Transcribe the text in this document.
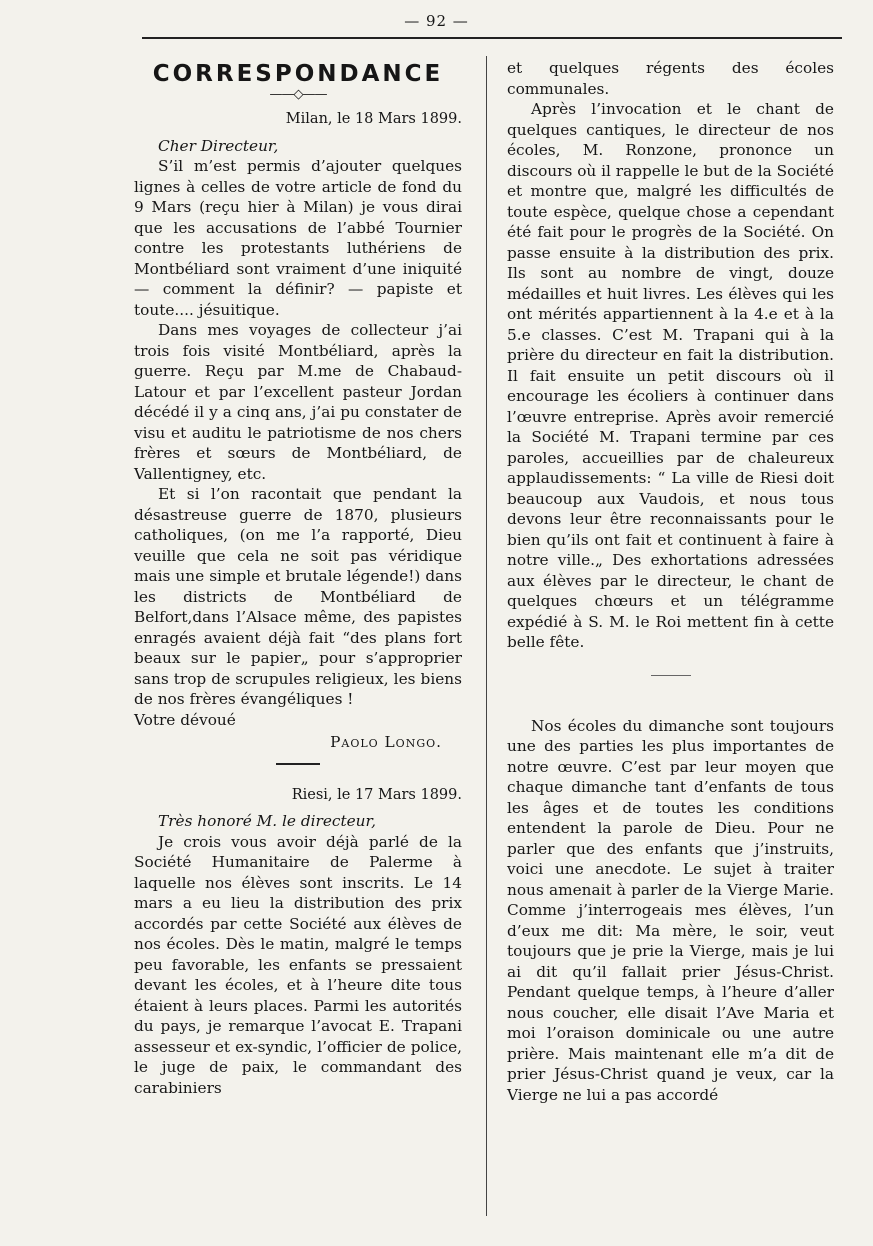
— 92 —
CORRESPONDANCE
——◇——
Milan, le 18 Mars 1899.

Cher Directeur,

S’il m’est permis d’ajouter quelques lignes à celles de votre article de fond du 9 Mars (reçu hier à Milan) je vous dirai que les accusations de l’abbé Tournier contre les protestants luthériens de Montbéliard sont vraiment d’une iniquité — comment la définir? — papiste et toute.... jésuitique.

Dans mes voyages de collecteur j’ai trois fois visité Montbéliard, après la guerre. Reçu par M.me de Chabaud-Latour et par l’excellent pasteur Jordan décédé il y a cinq ans, j’ai pu constater de visu et auditu le patriotisme de nos chers frères et sœurs de Montbéliard, de Vallentigney, etc.

Et si l’on racontait que pendant la désastreuse guerre de 1870, plusieurs catholiques, (on me l’a rapporté, Dieu veuille que cela ne soit pas véridique mais une simple et brutale légende!) dans les districts de Montbéliard de Belfort,dans l’Alsace même, des papistes enragés avaient déjà fait “des plans fort beaux sur le papier„ pour s’approprier sans trop de scrupules religieux, les biens de nos frères évangéliques !

Votre dévoué

Paolo Longo.
Riesi, le 17 Mars 1899.

Très honoré M. le directeur,

Je crois vous avoir déjà parlé de la Société Humanitaire de Palerme à laquelle nos élèves sont inscrits. Le 14 mars a eu lieu la distribution des prix accordés par cette Société aux élèves de nos écoles. Dès le matin, malgré le temps peu favorable, les enfants se pressaient devant les écoles, et à l’heure dite tous étaient à leurs places. Parmi les autorités du pays, je remarque l’avocat E. Trapani assesseur et ex-syndic, l’officier de police, le juge de paix, le commandant des carabiniers

et quelques régents des écoles communales.

Après l’invocation et le chant de quelques cantiques, le directeur de nos écoles, M. Ronzone, prononce un discours où il rappelle le but de la Société et montre que, malgré les difficultés de toute espèce, quelque chose a cependant été fait pour le progrès de la Société. On passe ensuite à la distribution des prix. Ils sont au nombre de vingt, douze médailles et huit livres. Les élèves qui les ont mérités appartiennent à la 4.e et à la 5.e classes. C’est M. Trapani qui à la prière du directeur en fait la distribution. Il fait ensuite un petit discours où il encourage les écoliers à continuer dans l’œuvre entreprise. Après avoir remercié la Société M. Trapani termine par ces paroles, accueillies par de chaleureux applaudissements: “ La ville de Riesi doit beaucoup aux Vaudois, et nous tous devons leur être reconnaissants pour le bien qu’ils ont fait et continuent à faire à notre ville.„ Des exhortations adressées aux élèves par le directeur, le chant de quelques chœurs et un télégramme expédié à S. M. le Roi mettent fin à cette belle fête.

Nos écoles du dimanche sont toujours une des parties les plus importantes de notre œuvre. C’est par leur moyen que chaque dimanche tant d’enfants de tous les âges et de toutes les conditions entendent la parole de Dieu. Pour ne parler que des enfants que j’instruits, voici une anecdote. Le sujet à traiter nous amenait à parler de la Vierge Marie. Comme j’interrogeais mes élèves, l’un d’eux me dit: Ma mère, le soir, veut toujours que je prie la Vierge, mais je lui ai dit qu’il fallait prier Jésus-Christ. Pendant quelque temps, à l’heure d’aller nous coucher, elle disait l’Ave Maria et moi l’oraison dominicale ou une autre prière. Mais maintenant elle m’a dit de prier Jésus-Christ quand je veux, car la Vierge ne lui a pas accordé
